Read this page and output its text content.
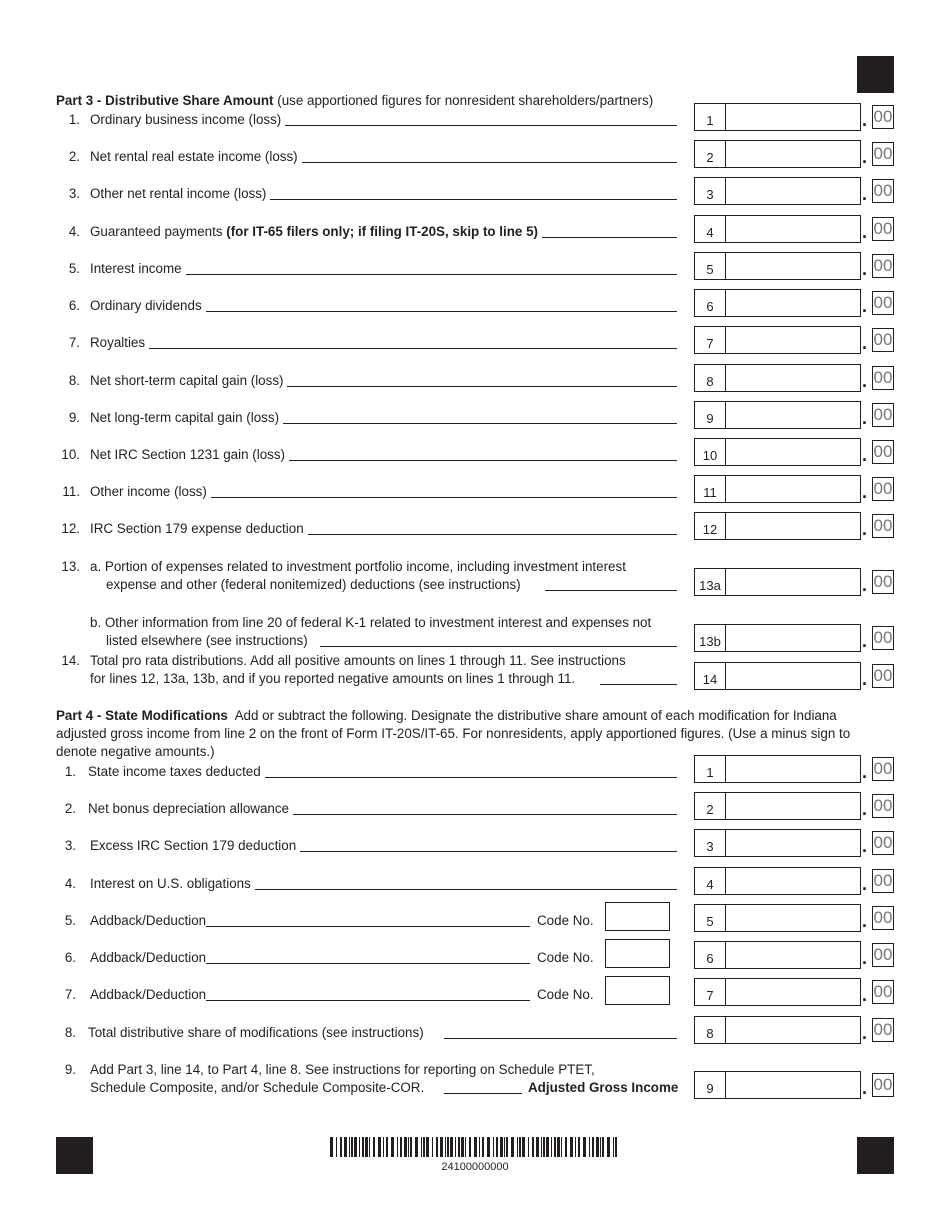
Part 3 - Distributive Share Amount (use apportioned figures for nonresident shareholders/partners)
1. Ordinary business income (loss)	1	. 00
2. Net rental real estate income (loss)	2	. 00
3. Other net rental income (loss)	3	. 00
4. Guaranteed payments (for IT-65 filers only; if filing IT-20S, skip to line 5)	4	. 00
5. Interest income	5	. 00
6. Ordinary dividends	6	. 00
7. Royalties	7	. 00
8. Net short-term capital gain (loss)	8	. 00
9. Net long-term capital gain (loss)	9	. 00
10. Net IRC Section 1231 gain (loss)	10	. 00
11. Other income (loss)	11	. 00
12. IRC Section 179 expense deduction	12	. 00
13. a. Portion of expenses related to investment portfolio income, including investment interest
expense and other (federal nonitemized) deductions (see instructions)	13a	. 00
b. Other information from line 20 of federal K-1 related to investment interest and expenses not
listed elsewhere (see instructions)	13b	. 00
14. Total pro rata distributions. Add all positive amounts on lines 1 through 11. See instructions
for lines 12, 13a, 13b, and if you reported negative amounts on lines 1 through 11.	14	. 00
Part 4 - State Modifications Add or subtract the following. Designate the distributive share amount of each modification for Indiana
adjusted gross income from line 2 on the front of Form IT-20S/IT-65. For nonresidents, apply apportioned figures. (Use a minus sign to
denote negative amounts.)
1. State income taxes deducted	1	. 00
2. Net bonus depreciation allowance	2	. 00
3. Excess IRC Section 179 deduction	3	. 00
4. Interest on U.S. obligations	4	. 00
5. Addback/Deduction	Code No.	5	. 00
6. Addback/Deduction	Code No.	6	. 00
7. Addback/Deduction	Code No.	7	. 00
8. Total distributive share of modifications (see instructions)	8	. 00
9. Add Part 3, line 14, to Part 4, line 8. See instructions for reporting on Schedule PTET,
Schedule Composite, and/or Schedule Composite-COR.	Adjusted Gross Income	9	. 00
24100000000
